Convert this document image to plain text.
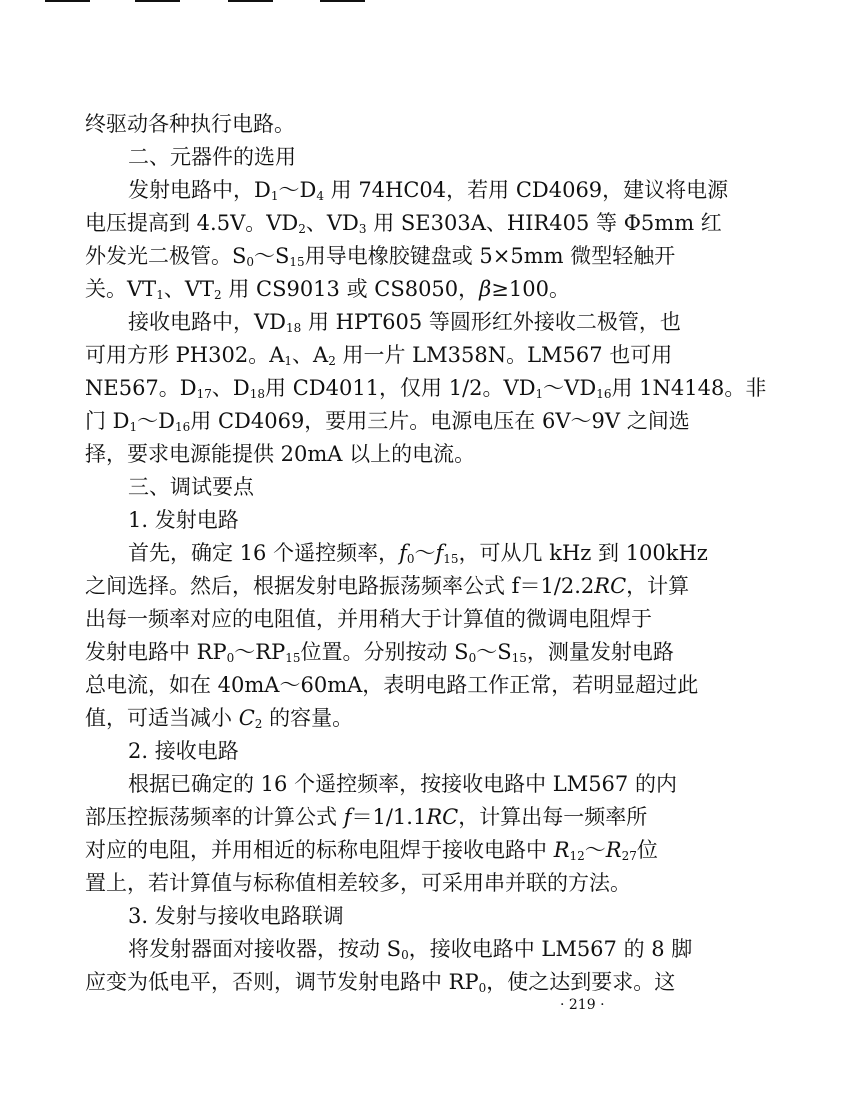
终驱动各种执行电路。
二、元器件的选用
发射电路中，$D_1\sim D_4$ 用 74HC04，若用 CD4069，建议将电源
电压提高到 4.5V。$VD_2$、$VD_3$ 用 SE303A、HIR405 等 Φ5mm 红
外发光二极管。$S_0\sim S_{15}$用导电橡胶键盘或 5×5mm 微型轻触开
关。$VT_1$、$VT_2$ 用 CS9013 或 CS8050，β≥100。
接收电路中，$VD_{18}$ 用 HPT605 等圆形红外接收二极管，也
可用方形 PH302。$A_1$、$A_2$ 用一片 LM358N。LM567 也可用
NE567。$D_{17}$、$D_{18}$用 CD4011，仅用 1/2。$VD_1\sim VD_{16}$用 1N4148。非
门 $D_1\sim D_{16}$用 CD4069，要用三片。电源电压在 6V～9V 之间选
择，要求电源能提供 20mA 以上的电流。
三、调试要点
1. 发射电路
首先，确定 16 个遥控频率，$f_0\sim f_{15}$，可从几 kHz 到 100kHz
之间选择。然后，根据发射电路振荡频率公式 f＝1/2.2RC，计算
出每一频率对应的电阻值，并用稍大于计算值的微调电阻焊于
发射电路中 $RP_0\sim RP_{15}$位置。分别按动 $S_0\sim S_{15}$，测量发射电路
总电流，如在 40mA～60mA，表明电路工作正常，若明显超过此
值，可适当减小 $C_2$ 的容量。
2. 接收电路
根据已确定的 16 个遥控频率，按接收电路中 LM567 的内
部压控振荡频率的计算公式 f＝1/1.1RC，计算出每一频率所
对应的电阻，并用相近的标称电阻焊于接收电路中 $R_{12}\sim R_{27}$位
置上，若计算值与标称值相差较多，可采用串并联的方法。
3. 发射与接收电路联调
将发射器面对接收器，按动 $S_0$，接收电路中 LM567 的 8 脚
应变为低电平，否则，调节发射电路中 $RP_0$，使之达到要求。这
· 219 ·
